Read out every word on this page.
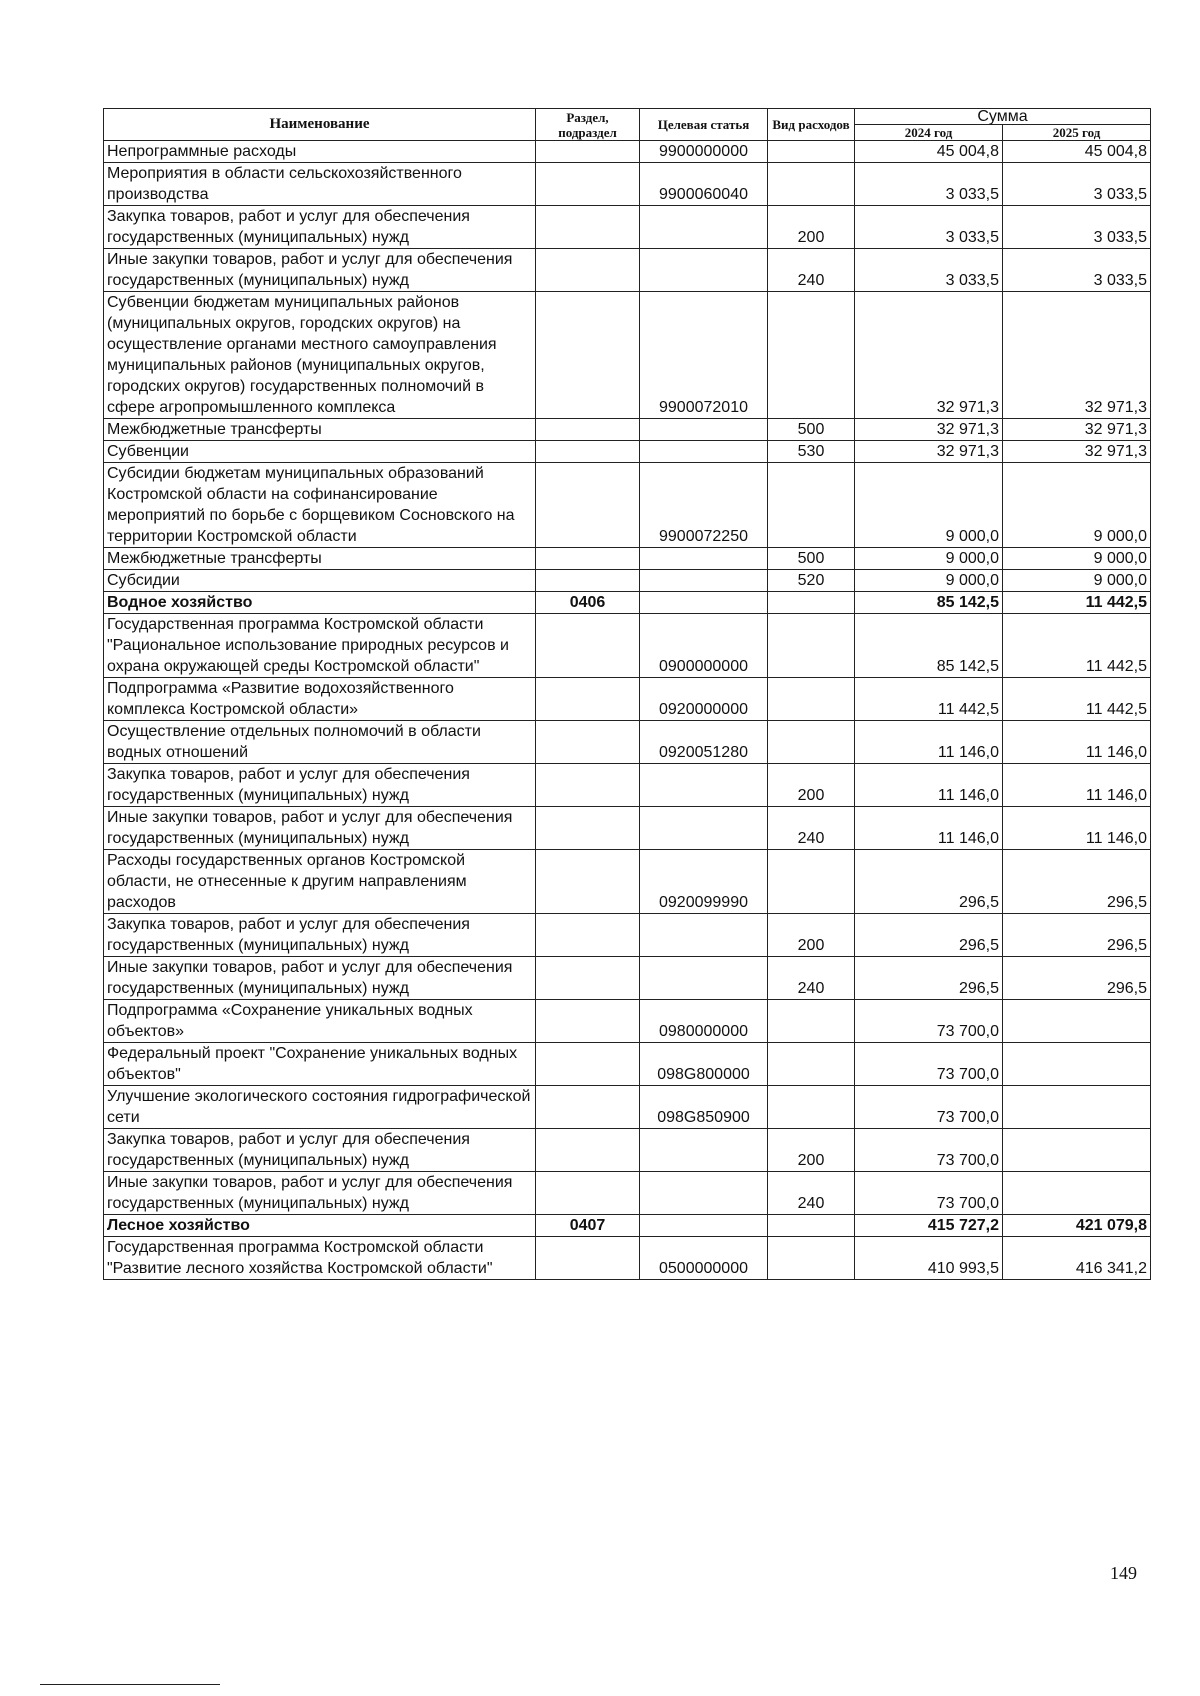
Наименование	Раздел, подраздел	Целевая статья	Вид расходов	Сумма	
				2024 год	2025 год
Непрограммные расходы		9900000000		45 004,8	45 004,8
Мероприятия в области сельскохозяйственного производства		9900060040		3 033,5	3 033,5
Закупка товаров, работ и услуг для обеспечения государственных (муниципальных) нужд			200	3 033,5	3 033,5
Иные закупки товаров, работ и услуг для обеспечения государственных (муниципальных) нужд			240	3 033,5	3 033,5
Субвенции бюджетам муниципальных районов (муниципальных округов, городских округов) на осуществление органами местного самоуправления муниципальных районов (муниципальных округов, городских округов) государственных полномочий в сфере агропромышленного комплекса		9900072010		32 971,3	32 971,3
Межбюджетные трансферты			500	32 971,3	32 971,3
Субвенции			530	32 971,3	32 971,3
Субсидии бюджетам муниципальных образований Костромской области на софинансирование мероприятий по борьбе с борщевиком Сосновского на территории Костромской области		9900072250		9 000,0	9 000,0
Межбюджетные трансферты			500	9 000,0	9 000,0
Субсидии			520	9 000,0	9 000,0
Водное хозяйство	0406			85 142,5	11 442,5
Государственная программа Костромской области "Рациональное использование природных ресурсов и охрана окружающей среды Костромской области"		0900000000		85 142,5	11 442,5
Подпрограмма «Развитие водохозяйственного комплекса Костромской области»		0920000000		11 442,5	11 442,5
Осуществление отдельных полномочий в области водных отношений		0920051280		11 146,0	11 146,0
Закупка товаров, работ и услуг для обеспечения государственных (муниципальных) нужд			200	11 146,0	11 146,0
Иные закупки товаров, работ и услуг для обеспечения государственных (муниципальных) нужд			240	11 146,0	11 146,0
Расходы государственных органов Костромской области, не отнесенные к другим направлениям расходов		0920099990		296,5	296,5
Закупка товаров, работ и услуг для обеспечения государственных (муниципальных) нужд			200	296,5	296,5
Иные закупки товаров, работ и услуг для обеспечения государственных (муниципальных) нужд			240	296,5	296,5
Подпрограмма «Сохранение уникальных водных объектов»		0980000000		73 700,0	
Федеральный проект "Сохранение уникальных водных объектов"		098G800000		73 700,0	
Улучшение экологического состояния гидрографической сети		098G850900		73 700,0	
Закупка товаров, работ и услуг для обеспечения государственных (муниципальных) нужд			200	73 700,0	
Иные закупки товаров, работ и услуг для обеспечения государственных (муниципальных) нужд			240	73 700,0	
Лесное хозяйство	0407			415 727,2	421 079,8
Государственная программа Костромской области "Развитие лесного хозяйства Костромской области"		0500000000		410 993,5	416 341,2
149
